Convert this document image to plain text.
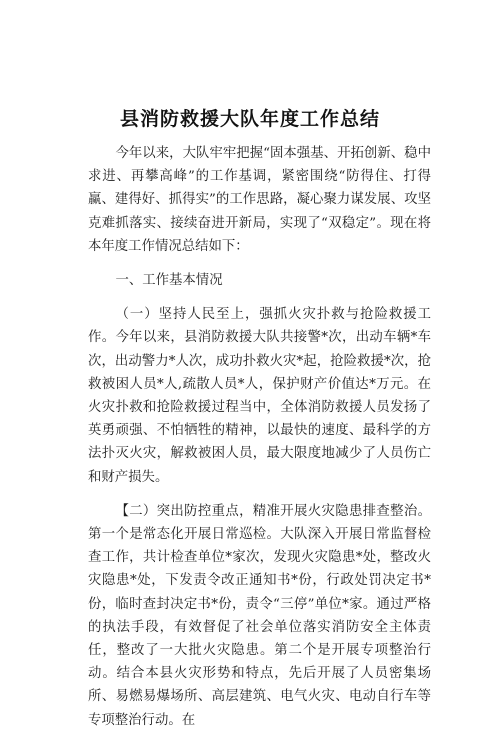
县消防救援大队年度工作总结

今年以来，大队牢牢把握“固本强基、开拓创新、稳中求进、再攀高峰”的工作基调，紧密围绕“防得住、打得赢、建得好、抓得实”的工作思路，凝心聚力谋发展、攻坚克难抓落实、接续奋进开新局，实现了“双稳定”。现在将本年度工作情况总结如下：

一、工作基本情况

（一）坚持人民至上，强抓火灾扑救与抢险救援工作。今年以来，县消防救援大队共接警*次，出动车辆*车次，出动警力*人次，成功扑救火灾*起，抢险救援*次，抢救被困人员*人,疏散人员*人，保护财产价值达*万元。在火灾扑救和抢险救援过程当中，全体消防救援人员发扬了英勇顽强、不怕牺牲的精神，以最快的速度、最科学的方法扑灭火灾，解救被困人员，最大限度地减少了人员伤亡和财产损失。

【二）突出防控重点，精准开展火灾隐患排查整治。第一个是常态化开展日常巡检。大队深入开展日常监督检查工作，共计检查单位*家次，发现火灾隐患*处，整改火灾隐患*处，下发责令改正通知书*份，行政处罚决定书*份，临时查封决定书*份，责令“三停”单位*家。通过严格的执法手段，有效督促了社会单位落实消防安全主体责任，整改了一大批火灾隐患。第二个是开展专项整治行动。结合本县火灾形势和特点，先后开展了人员密集场所、易燃易爆场所、高层建筑、电气火灾、电动自行车等专项整治行动。在
